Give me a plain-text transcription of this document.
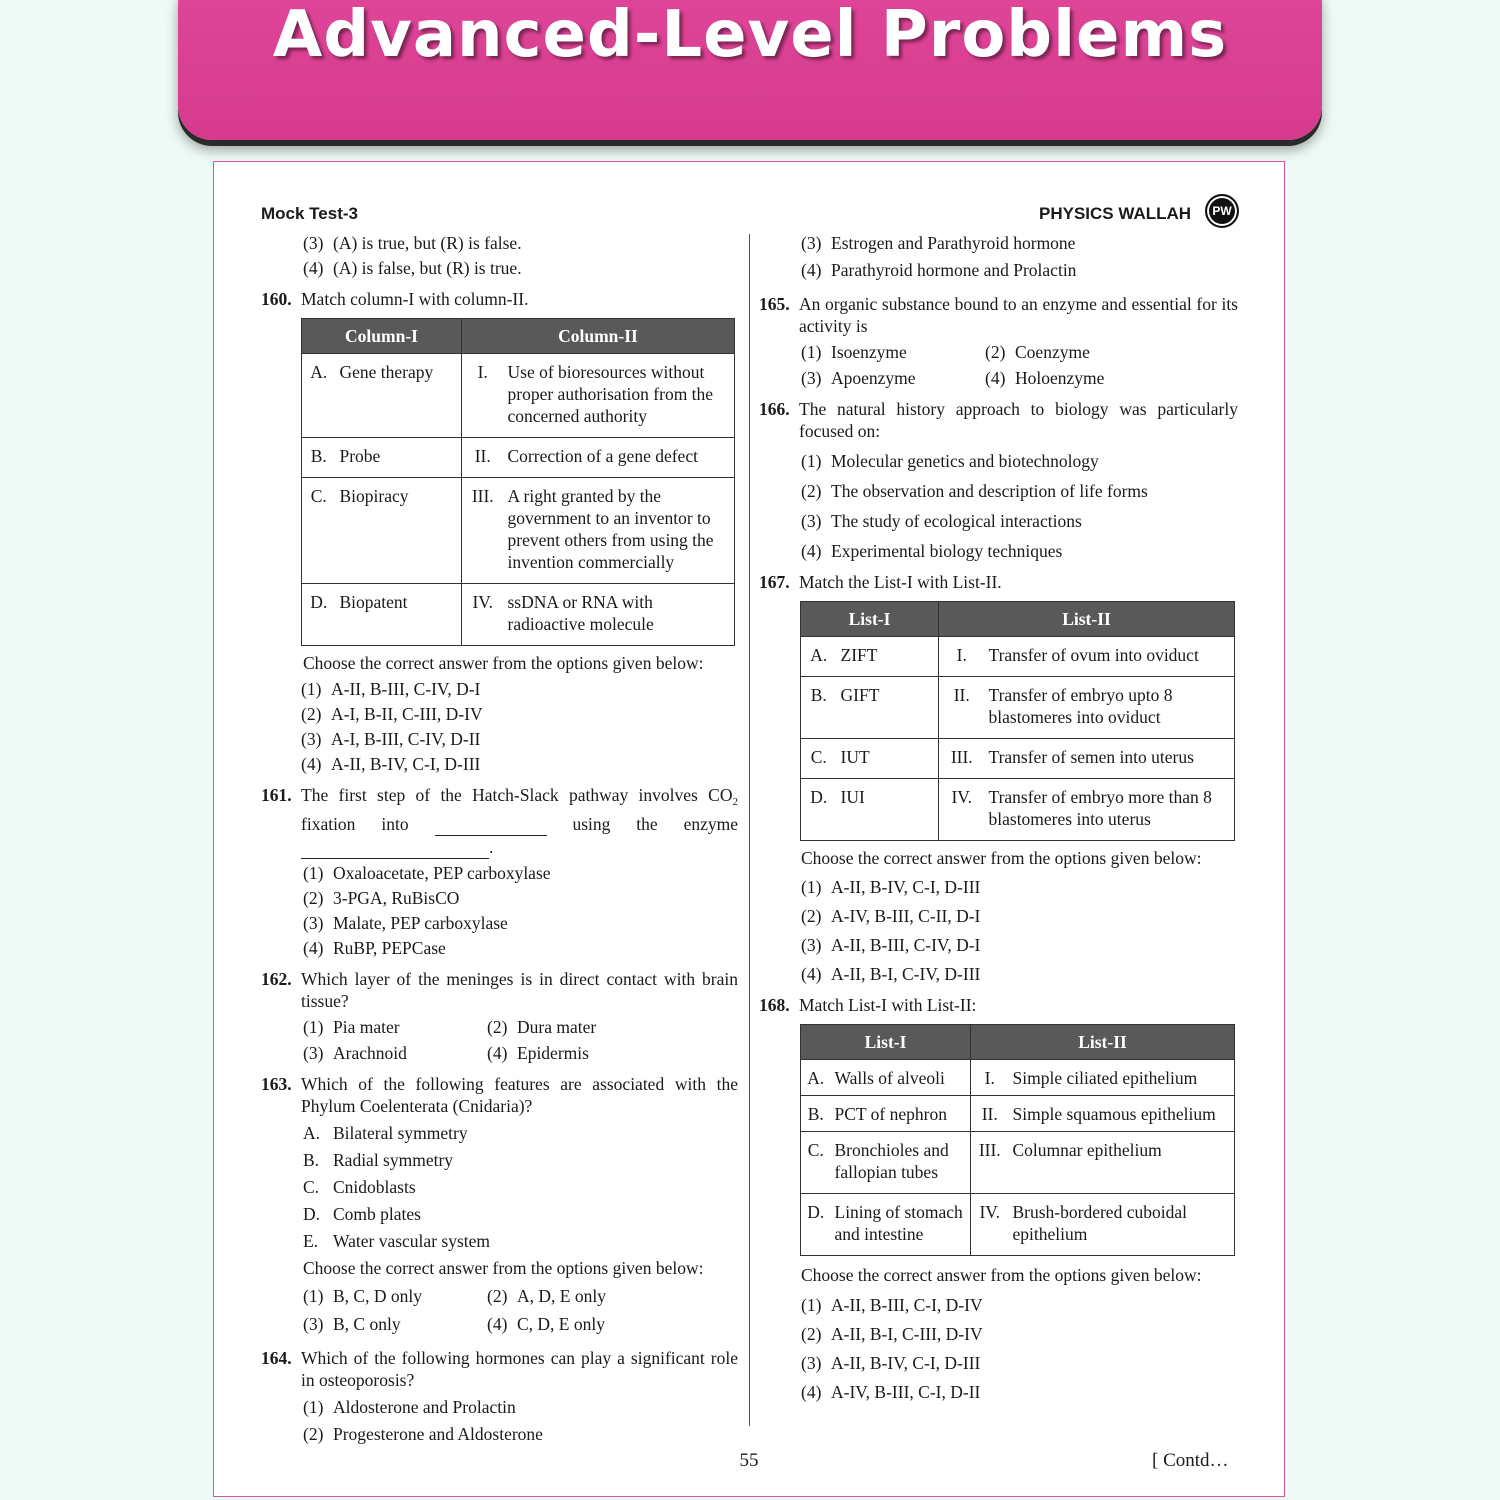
Advanced-Level Problems
Mock Test-3	PHYSICS WALLAH	PW
(3) (A) is true, but (R) is false.
(4) (A) is false, but (R) is true.
160. Match column-I with column-II.
Column-I		Column-II	
A.	Gene therapy	I.	Use of bioresources without proper authorisation from the concerned authority
B.	Probe	II.	Correction of a gene defect
C.	Biopiracy	III.	A right granted by the government to an inventor to prevent others from using the invention commercially
D.	Biopatent	IV.	ssDNA or RNA with radioactive molecule
Choose the correct answer from the options given below:
(1) A-II, B-III, C-IV, D-I
(2) A-I, B-II, C-III, D-IV
(3) A-I, B-III, C-IV, D-II
(4) A-II, B-IV, C-I, D-III
161. The first step of the Hatch-Slack pathway involves $CO_2$ fixation into	using the enzyme  .
(1) Oxaloacetate, PEP carboxylase
(2) 3-PGA, RuBisCO
(3) Malate, PEP carboxylase
(4) RuBP, PEPCase
162. Which layer of the meninges is in direct contact with brain tissue?
(1) Pia mater	(2) Dura mater
(3) Arachnoid	(4) Epidermis
163. Which of the following features are associated with the Phylum Coelenterata (Cnidaria)?
A. Bilateral symmetry
B. Radial symmetry
C. Cnidoblasts
D. Comb plates
E. Water vascular system
Choose the correct answer from the options given below:
(1) B, C, D only	(2) A, D, E only
(3) B, C only	(4) C, D, E only
164. Which of the following hormones can play a significant role in osteoporosis?
(1) Aldosterone and Prolactin
(2) Progesterone and Aldosterone
(3) Estrogen and Parathyroid hormone
(4) Parathyroid hormone and Prolactin
165. An organic substance bound to an enzyme and essential for its activity is
(1) Isoenzyme	(2) Coenzyme
(3) Apoenzyme	(4) Holoenzyme
166. The natural history approach to biology was particularly focused on:
(1) Molecular genetics and biotechnology
(2) The observation and description of life forms
(3) The study of ecological interactions
(4) Experimental biology techniques
167. Match the List-I with List-II.
List-I		List-II	
A.	ZIFT	I.	Transfer of ovum into oviduct
B.	GIFT	II.	Transfer of embryo upto 8 blastomeres into oviduct
C.	IUT	III.	Transfer of semen into uterus
D.	IUI	IV.	Transfer of embryo more than 8 blastomeres into uterus
Choose the correct answer from the options given below:
(1) A-II, B-IV, C-I, D-III
(2) A-IV, B-III, C-II, D-I
(3) A-II, B-III, C-IV, D-I
(4) A-II, B-I, C-IV, D-III
168. Match List-I with List-II:
List-I		List-II	
A.	Walls of alveoli	I.	Simple ciliated epithelium
B.	PCT of nephron	II.	Simple squamous epithelium
C.	Bronchioles and fallopian tubes	III.	Columnar epithelium
D.	Lining of stomach and intestine	IV.	Brush-bordered cuboidal epithelium
Choose the correct answer from the options given below:
(1) A-II, B-III, C-I, D-IV
(2) A-II, B-I, C-III, D-IV
(3) A-II, B-IV, C-I, D-III
(4) A-IV, B-III, C-I, D-II
55	[ Contd…
